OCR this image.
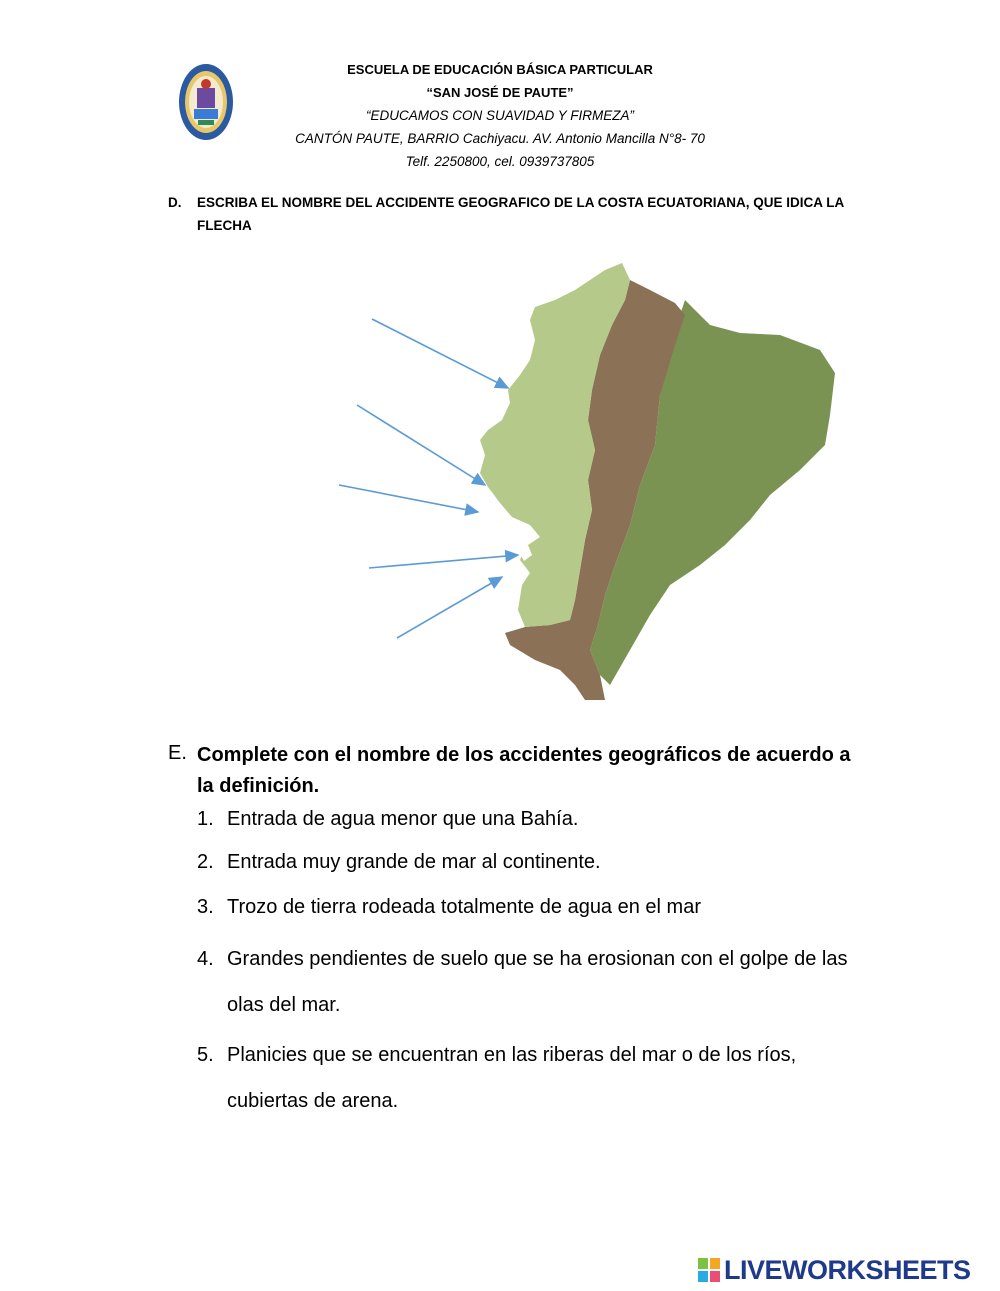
ESCUELA DE EDUCACIÓN BÁSICA PARTICULAR
“SAN JOSÉ DE PAUTE”
“EDUCAMOS CON SUAVIDAD Y FIRMEZA”
CANTÓN PAUTE, BARRIO Cachiyacu. AV. Antonio Mancilla N°8- 70
Telf. 2250800, cel. 0939737805
D. ESCRIBA EL NOMBRE DEL ACCIDENTE GEOGRAFICO DE LA COSTA ECUATORIANA, QUE IDICA LA FLECHA
E. Complete con el nombre de los accidentes geográficos de acuerdo a la definición.
1. Entrada de agua menor que una Bahía.
2. Entrada muy grande de mar al continente.
3. Trozo de tierra rodeada totalmente de agua en el mar
4. Grandes pendientes de suelo que se ha erosionan con el golpe de las olas del mar.
5. Planicies que se encuentran en las riberas del mar o de los ríos, cubiertas de arena.
LIVEWORKSHEETS
